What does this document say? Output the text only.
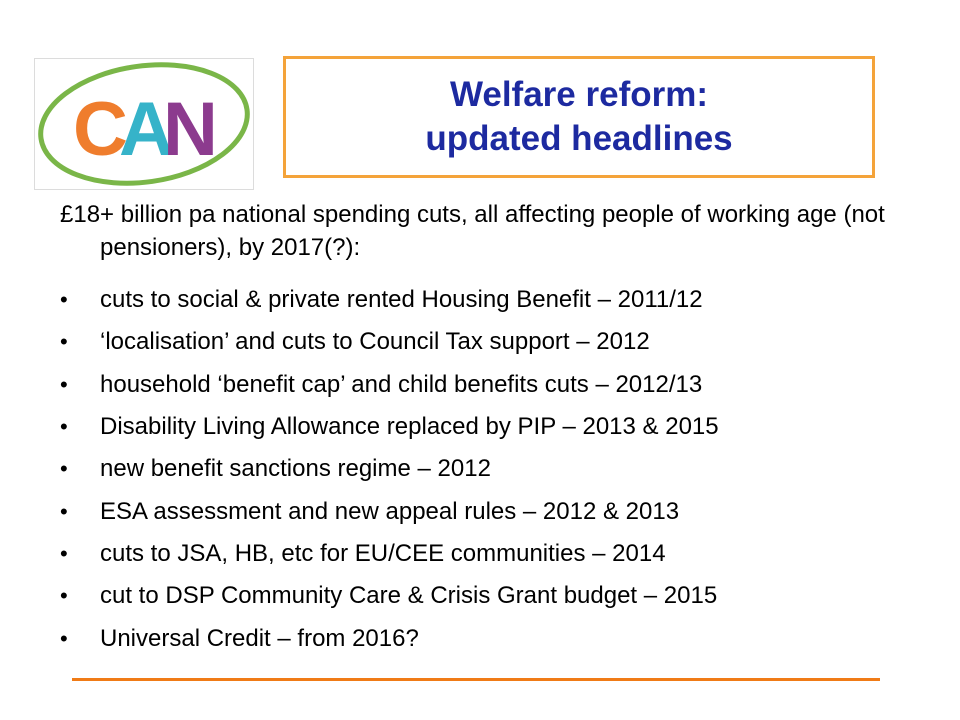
C
A
N	Welfare reform:
updated headlines
£18+ billion pa national spending cuts, all affecting people of working age (not pensioners), by 2017(?):
• cuts to social & private rented Housing Benefit – 2011/12
• ‘localisation’ and cuts to Council Tax support – 2012
• household ‘benefit cap’ and child benefits cuts – 2012/13
• Disability Living Allowance replaced by PIP – 2013 & 2015
• new benefit sanctions regime – 2012
• ESA assessment and new appeal rules – 2012 & 2013
• cuts to JSA, HB, etc for EU/CEE communities – 2014
• cut to DSP Community Care & Crisis Grant budget – 2015
• Universal Credit – from 2016?
